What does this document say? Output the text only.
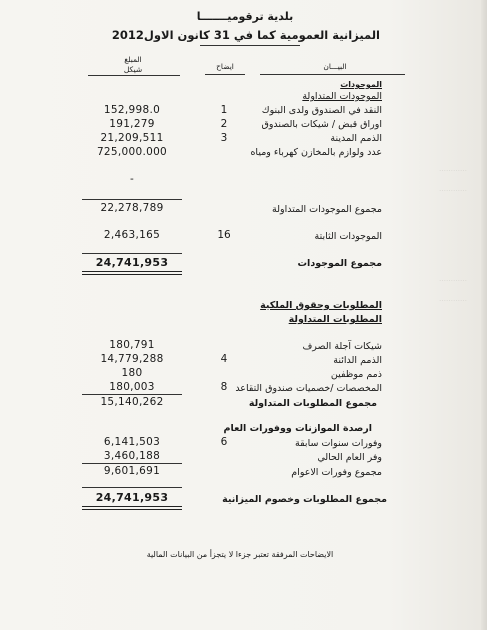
…………
…………
…………
…………
بلدية ترقوميـــــــا
الميزانية العمومية كما في 31 كانون الاول2012
المبلغ
شيكل	ايضاح	البيـــان
الموجودات
الموجودات المتداولة
النقد في الصندوق ولدى البنوك
1
152,998.0
اوراق قبض / شيكات بالصندوق
2
191,279
الذمم المدينة
3
21,209,511
عدد ولوازم بالمخازن كهرباء ومياه
725,000.000
-
مجموع الموجودات المتداولة
22,278,789
الموجودات الثابتة
16
2,463,165
مجموع الموجودات
24,741,953
المطلوبات وحقوق الملكية
المطلوبات المتداولة
شيكات آجلة الصرف
180,791
الذمم الدائنة
4
14,779,288
ذمم موظفين
180
المخصصات /خصميات صندوق التقاعد
8
180,003
مجموع المطلوبات المتداولة
15,140,262
ارصدة الموازنات ووفورات العام
وفورات سنوات سابقة
6
6,141,503
وفر العام الحالي
3,460,188
مجموع وفورات الاعوام
9,601,691
مجموع المطلوبات وخصوم الميزانية
24,741,953
الايضاحات المرفقة تعتبر جزءا لا يتجزأ من البيانات المالية
